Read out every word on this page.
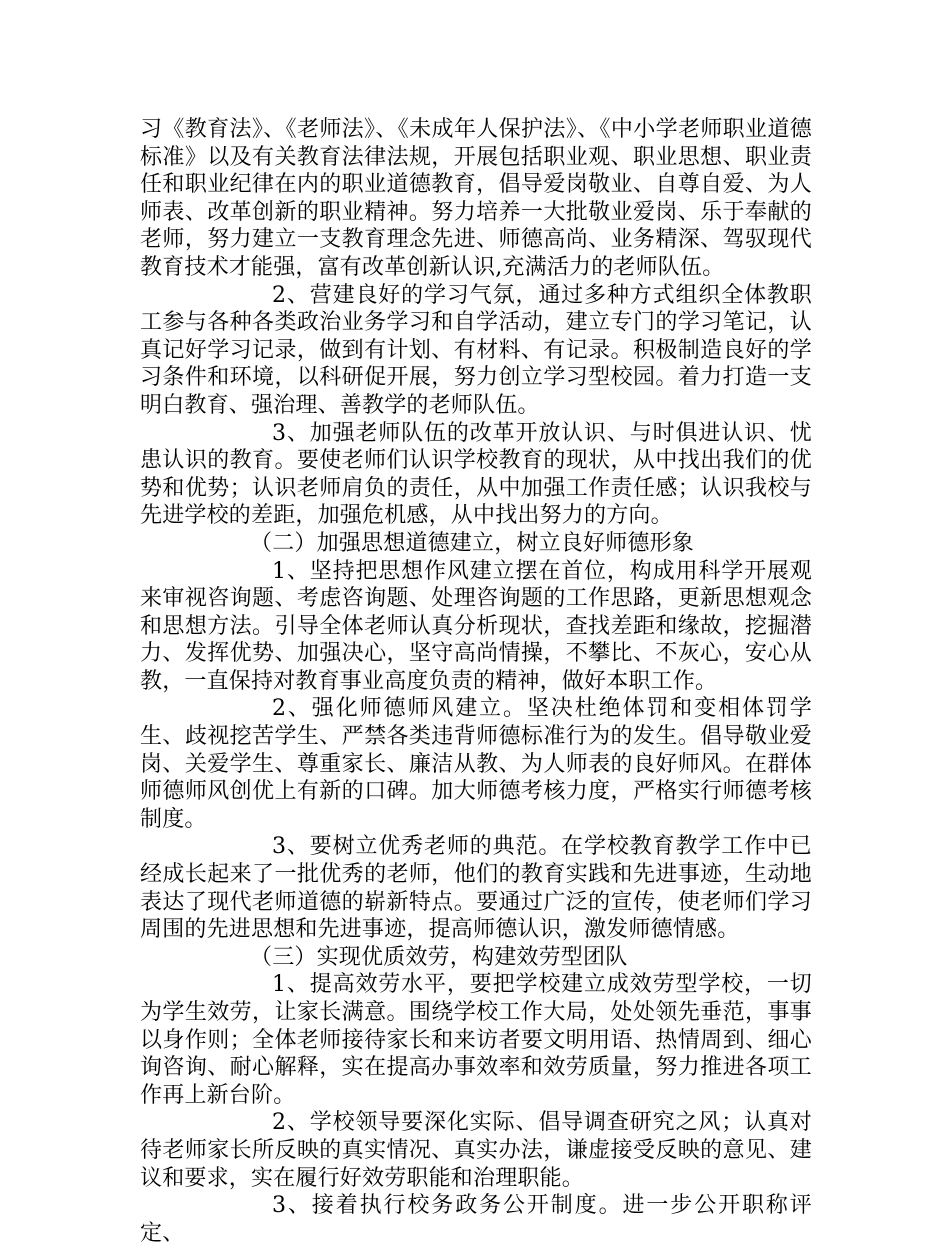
习《教育法》、《老师法》、《未成年人保护法》、《中小学老师职业道德标准》以及有关教育法律法规，开展包括职业观、职业思想、职业责任和职业纪律在内的职业道德教育，倡导爱岗敬业、自尊自爱、为人师表、改革创新的职业精神。努力培养一大批敬业爱岗、乐于奉献的老师，努力建立一支教育理念先进、师德高尚、业务精深、驾驭现代教育技术才能强，富有改革创新认识,充满活力的老师队伍。

2、营建良好的学习气氛，通过多种方式组织全体教职工参与各种各类政治业务学习和自学活动，建立专门的学习笔记，认真记好学习记录，做到有计划、有材料、有记录。积极制造良好的学习条件和环境，以科研促开展，努力创立学习型校园。着力打造一支明白教育、强治理、善教学的老师队伍。

3、加强老师队伍的改革开放认识、与时俱进认识、忧患认识的教育。要使老师们认识学校教育的现状，从中找出我们的优势和优势；认识老师肩负的责任，从中加强工作责任感；认识我校与先进学校的差距，加强危机感，从中找出努力的方向。

（二）加强思想道德建立，树立良好师德形象

1、坚持把思想作风建立摆在首位，构成用科学开展观来审视咨询题、考虑咨询题、处理咨询题的工作思路，更新思想观念和思想方法。引导全体老师认真分析现状，查找差距和缘故，挖掘潜力、发挥优势、加强决心，坚守高尚情操，不攀比、不灰心，安心从教，一直保持对教育事业高度负责的精神，做好本职工作。

2、强化师德师风建立。坚决杜绝体罚和变相体罚学生、歧视挖苦学生、严禁各类违背师德标准行为的发生。倡导敬业爱岗、关爱学生、尊重家长、廉洁从教、为人师表的良好师风。在群体师德师风创优上有新的口碑。加大师德考核力度，严格实行师德考核制度。

3、要树立优秀老师的典范。在学校教育教学工作中已经成长起来了一批优秀的老师，他们的教育实践和先进事迹，生动地表达了现代老师道德的崭新特点。要通过广泛的宣传，使老师们学习周围的先进思想和先进事迹，提高师德认识，激发师德情感。

（三）实现优质效劳，构建效劳型团队

1、提高效劳水平，要把学校建立成效劳型学校，一切为学生效劳，让家长满意。围绕学校工作大局，处处领先垂范，事事以身作则；全体老师接待家长和来访者要文明用语、热情周到、细心询咨询、耐心解释，实在提高办事效率和效劳质量，努力推进各项工作再上新台阶。

2、学校领导要深化实际、倡导调查研究之风；认真对待老师家长所反映的真实情况、真实办法，谦虚接受反映的意见、建议和要求，实在履行好效劳职能和治理职能。

3、接着执行校务政务公开制度。进一步公开职称评定、
